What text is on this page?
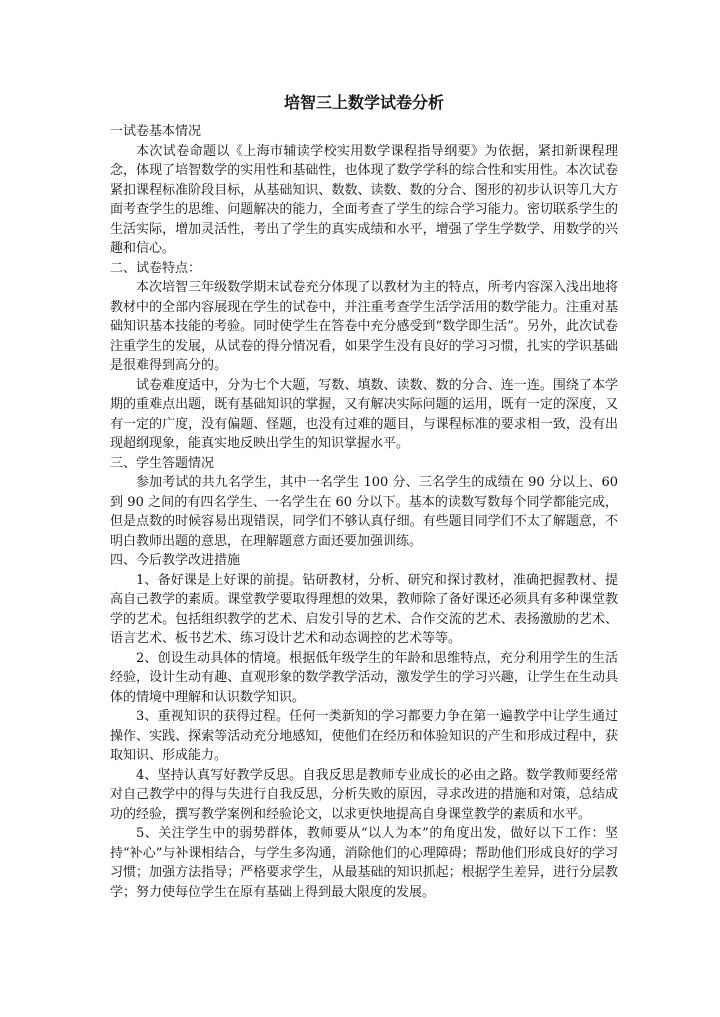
培智三上数学试卷分析

一试卷基本情况

本次试卷命题以《上海市辅读学校实用数学课程指导纲要》为依据，紧扣新课程理念，体现了培智数学的实用性和基础性，也体现了数学学科的综合性和实用性。本次试卷紧扣课程标准阶段目标，从基础知识、数数、读数、数的分合、图形的初步认识等几大方面考查学生的思维、问题解决的能力，全面考查了学生的综合学习能力。密切联系学生的生活实际，增加灵活性，考出了学生的真实成绩和水平，增强了学生学数学、用数学的兴趣和信心。

二、试卷特点：

本次培智三年级数学期末试卷充分体现了以教材为主的特点，所考内容深入浅出地将教材中的全部内容展现在学生的试卷中，并注重考查学生活学活用的数学能力。注重对基础知识基本技能的考验。同时使学生在答卷中充分感受到“数学即生活”。另外，此次试卷注重学生的发展，从试卷的得分情况看，如果学生没有良好的学习习惯，扎实的学识基础是很难得到高分的。

试卷难度适中，分为七个大题，写数、填数、读数、数的分合、连一连。围绕了本学期的重难点出题，既有基础知识的掌握，又有解决实际问题的运用，既有一定的深度，又有一定的广度，没有偏题、怪题，也没有过难的题目，与课程标准的要求相一致，没有出现超纲现象，能真实地反映出学生的知识掌握水平。

三、学生答题情况

参加考试的共九名学生，其中一名学生 100 分、三名学生的成绩在 90 分以上、60 到 90 之间的有四名学生、一名学生在 60 分以下。基本的读数写数每个同学都能完成，但是点数的时候容易出现错误，同学们不够认真仔细。有些题目同学们不太了解题意，不明白教师出题的意思，在理解题意方面还要加强训练。

四、今后教学改进措施

1、备好课是上好课的前提。钻研教材，分析、研究和探讨教材，准确把握教材、提高自己教学的素质。课堂教学要取得理想的效果，教师除了备好课还必须具有多种课堂教学的艺术。包括组织教学的艺术、启发引导的艺术、合作交流的艺术、表扬激励的艺术、语言艺术、板书艺术、练习设计艺术和动态调控的艺术等等。

2、创设生动具体的情境。根据低年级学生的年龄和思维特点，充分利用学生的生活经验，设计生动有趣、直观形象的数学教学活动，激发学生的学习兴趣，让学生在生动具体的情境中理解和认识数学知识。

3、重视知识的获得过程。任何一类新知的学习都要力争在第一遍教学中让学生通过操作、实践、探索等活动充分地感知，使他们在经历和体验知识的产生和形成过程中，获取知识、形成能力。

4、坚持认真写好教学反思。自我反思是教师专业成长的必由之路。数学教师要经常对自己教学中的得与失进行自我反思，分析失败的原因，寻求改进的措施和对策，总结成功的经验，撰写教学案例和经验论文，以求更快地提高自身课堂教学的素质和水平。

5、关注学生中的弱势群体，教师要从“以人为本”的角度出发，做好以下工作：坚持“补心”与补课相结合，与学生多沟通，消除他们的心理障碍；帮助他们形成良好的学习习惯；加强方法指导；严格要求学生，从最基础的知识抓起；根据学生差异，进行分层教学；努力使每位学生在原有基础上得到最大限度的发展。
